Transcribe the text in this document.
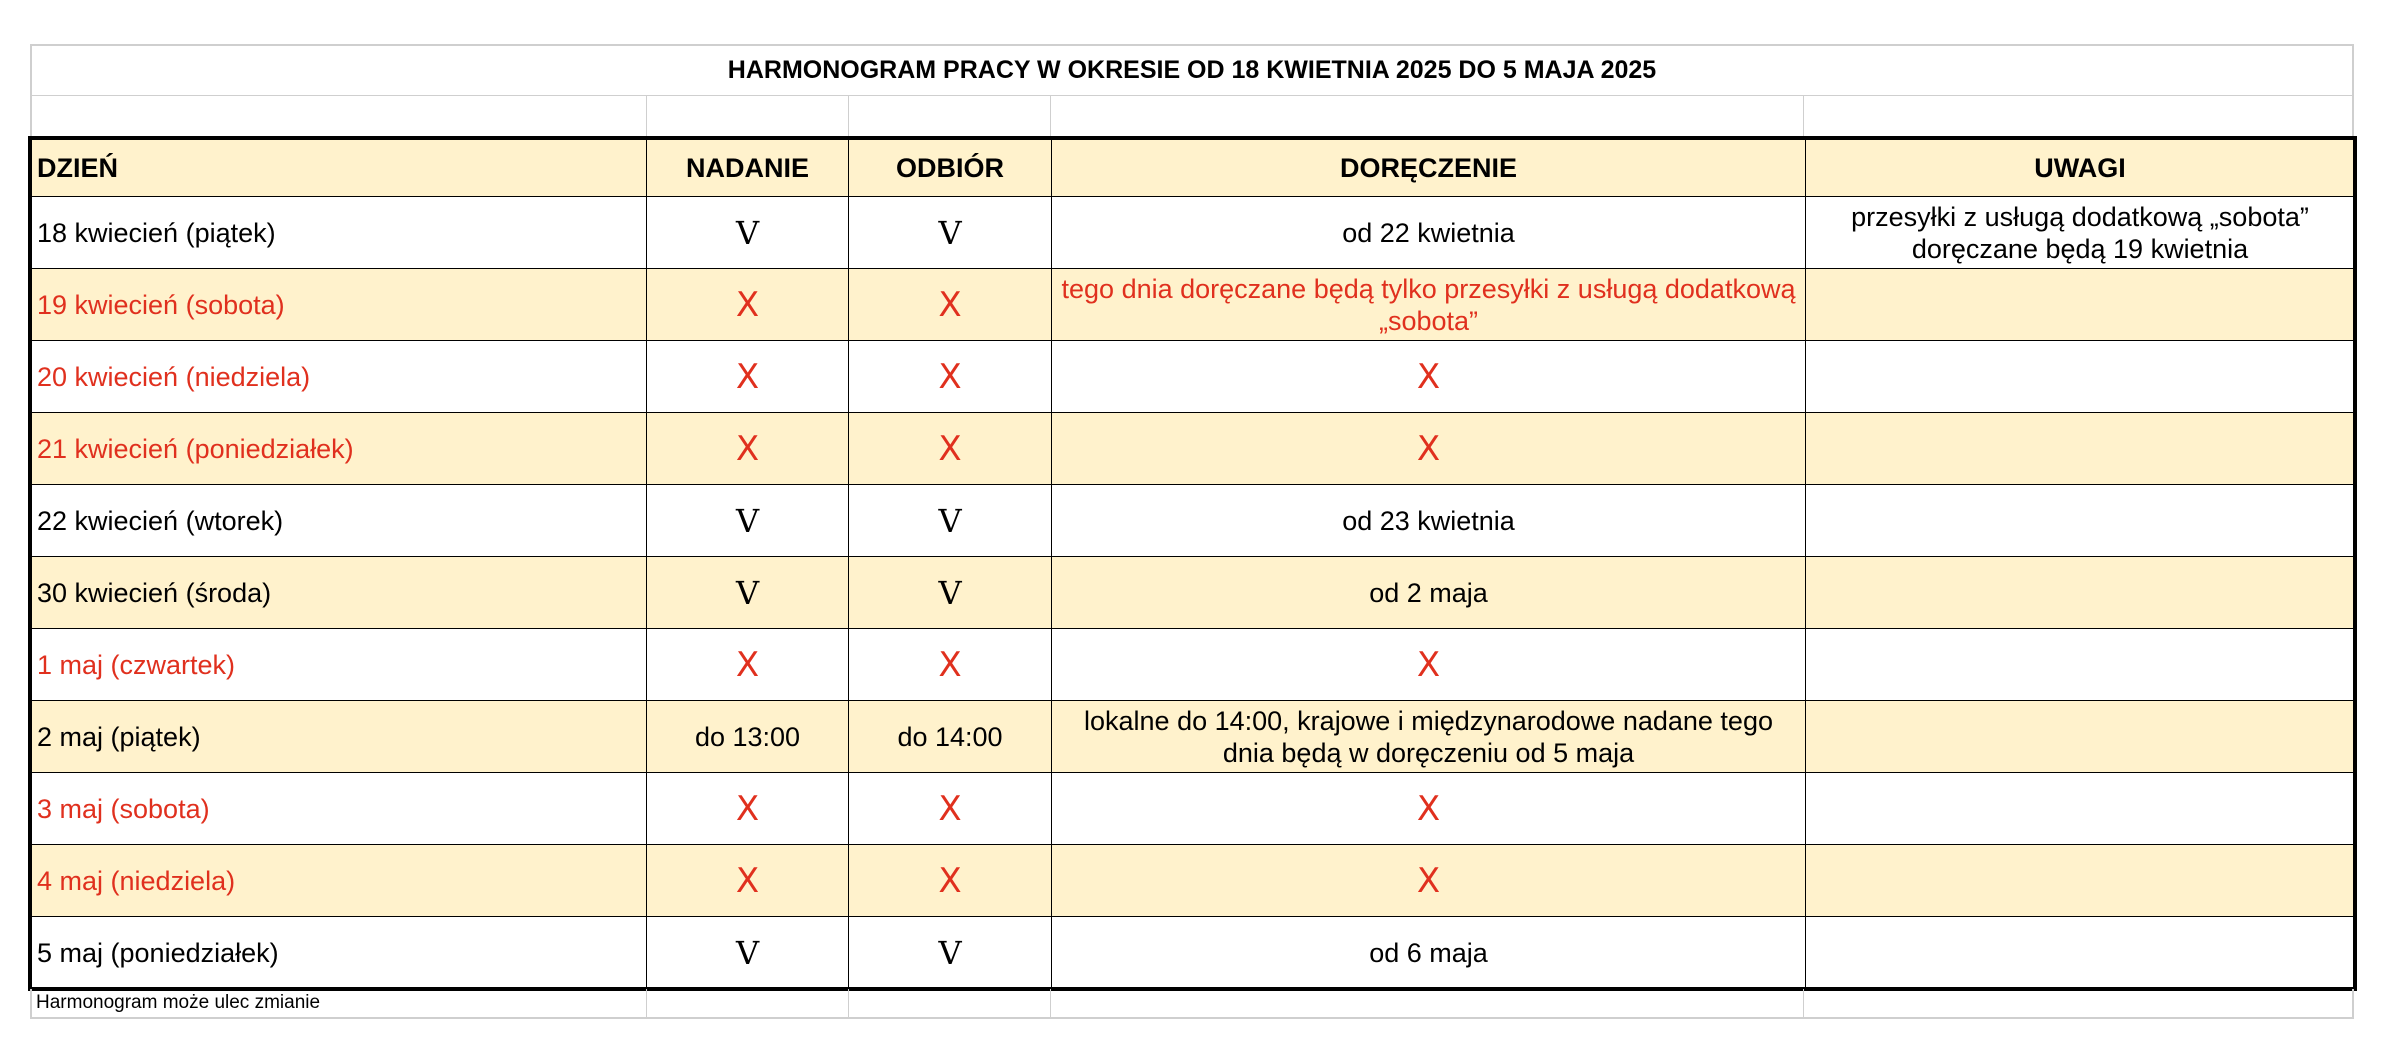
HARMONOGRAM PRACY W OKRESIE OD 18 KWIETNIA 2025 DO 5 MAJA 2025
DZIEŃ	NADANIE	ODBIÓR	DORĘCZENIE	UWAGI
18 kwiecień (piątek)	V	V	od 22 kwietnia	przesyłki z usługą dodatkową „sobota” doręczane będą 19 kwietnia
19 kwiecień (sobota)	X	X	tego dnia doręczane będą tylko przesyłki z usługą dodatkową „sobota”	
20 kwiecień (niedziela)	X	X	X	
21 kwiecień (poniedziałek)	X	X	X	
22 kwiecień (wtorek)	V	V	od 23 kwietnia	
30 kwiecień (środa)	V	V	od 2 maja	
1 maj (czwartek)	X	X	X	
2 maj (piątek)	do 13:00	do 14:00	lokalne do 14:00, krajowe i międzynarodowe nadane tego dnia będą w doręczeniu od 5 maja	
3 maj (sobota)	X	X	X	
4 maj (niedziela)	X	X	X	
5 maj (poniedziałek)	V	V	od 6 maja	
Harmonogram może ulec zmianie
